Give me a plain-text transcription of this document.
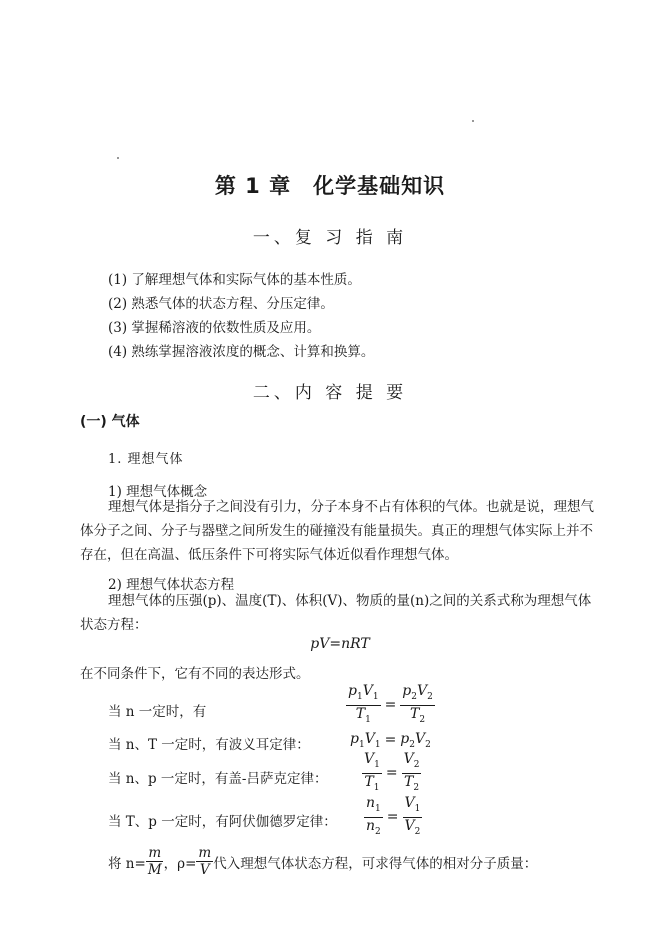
第 1 章　化学基础知识
一、复 习 指 南
(1) 了解理想气体和实际气体的基本性质。
(2) 熟悉气体的状态方程、分压定律。
(3) 掌握稀溶液的依数性质及应用。
(4) 熟练掌握溶液浓度的概念、计算和换算。
二、内 容 提 要
(一) 气体
1. 理想气体
1) 理想气体概念
理想气体是指分子之间没有引力，分子本身不占有体积的气体。也就是说，理想气体分子之间、分子与器壁之间所发生的碰撞没有能量损失。真正的理想气体实际上并不存在，但在高温、低压条件下可将实际气体近似看作理想气体。
2) 理想气体状态方程
理想气体的压强(p)、温度(T)、体积(V)、物质的量(n)之间的关系式称为理想气体状态方程：
pV=nRT
在不同条件下，它有不同的表达形式。
当 n 一定时，有	$\frac{p_1V_1}{T_1} = \frac{p_2V_2}{T_2}$
当 n、T 一定时，有波义耳定律：	$p_1V_1 = p_2V_2$
当 n、p 一定时，有盖-吕萨克定律： $\frac{V_1}{T_1} = \frac{V_2}{T_2}$
当 T、p 一定时，有阿伏伽德罗定律： $\frac{n_1}{n_2} = \frac{V_1}{V_2}$
将 $n= \frac{m}{M}$ ，$\rho= \frac{m}{V}$ 代入理想气体状态方程，可求得气体的相对分子质量：
